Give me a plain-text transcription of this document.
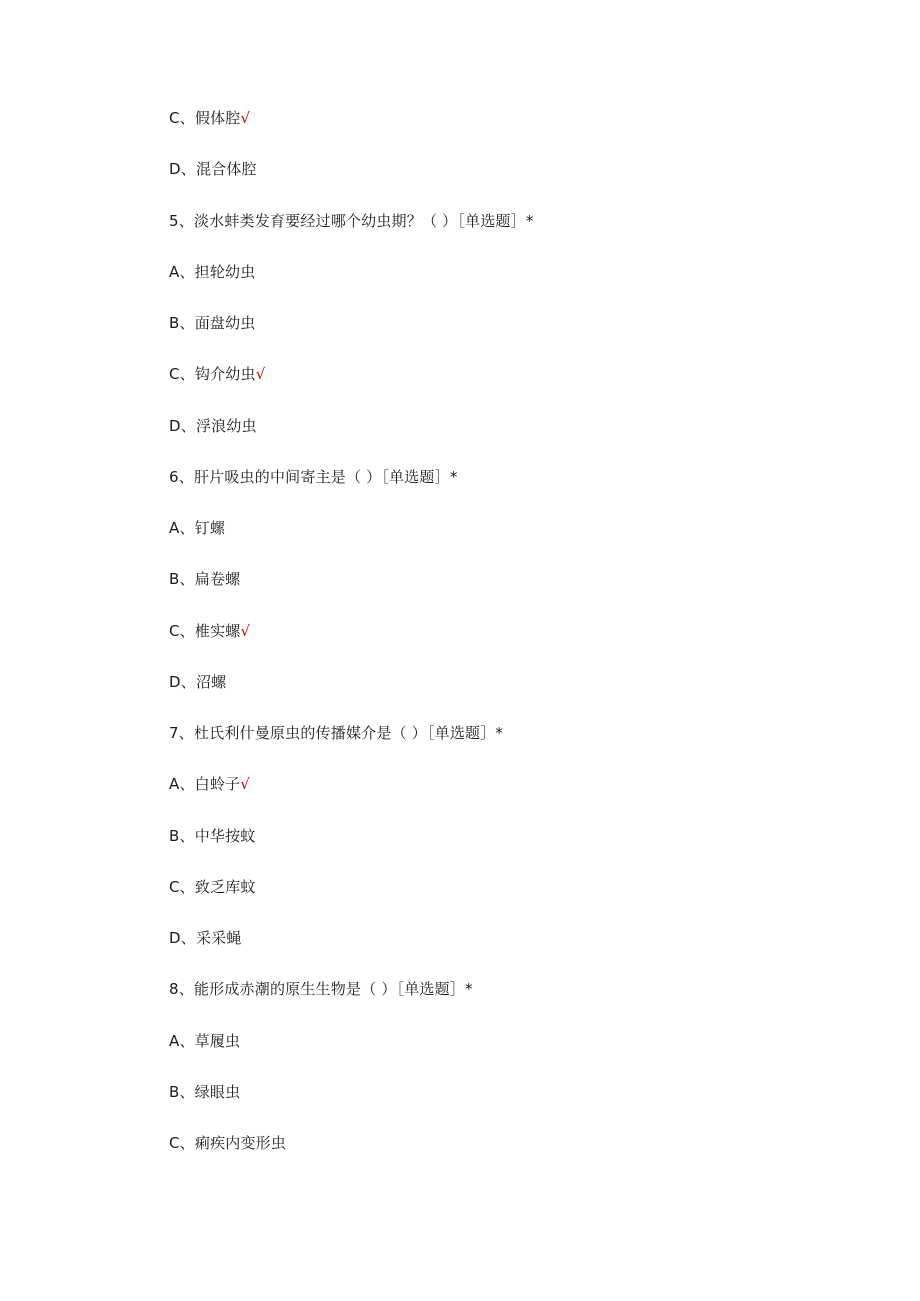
C、假体腔√
D、混合体腔
5、淡水蚌类发育要经过哪个幼虫期？（ ）［单选题］*
A、担轮幼虫
B、面盘幼虫
C、钩介幼虫√
D、浮浪幼虫
6、肝片吸虫的中间寄主是（ ）［单选题］*
A、钉螺
B、扁卷螺
C、椎实螺√
D、沼螺
7、杜氏利什曼原虫的传播媒介是（ ）［单选题］*
A、白蛉子√
B、中华按蚊
C、致乏库蚊
D、采采蝇
8、能形成赤潮的原生生物是（ ）［单选题］*
A、草履虫
B、绿眼虫
C、痢疾内变形虫
